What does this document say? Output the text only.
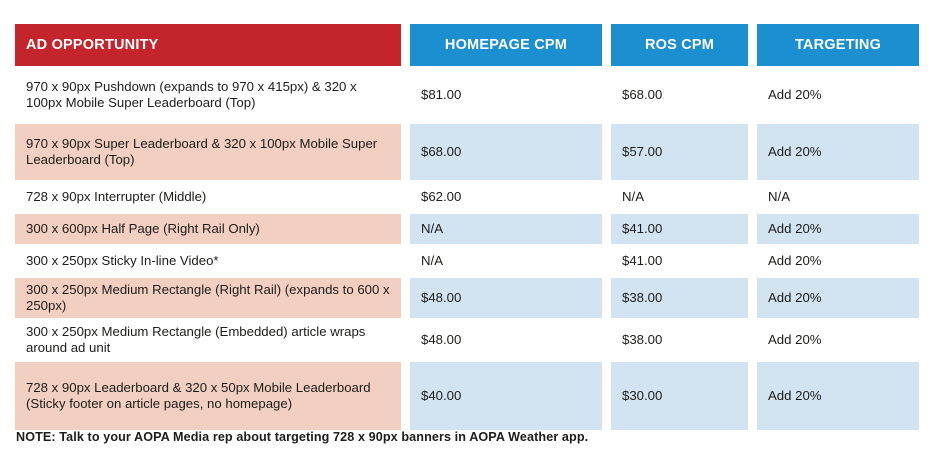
AD OPPORTUNITY	HOMEPAGE CPM	ROS CPM	TARGETING
970 x 90px Pushdown (expands to 970 x 415px) & 320 x 100px Mobile Super Leaderboard (Top)	$81.00	$68.00	Add 20%
970 x 90px Super Leaderboard & 320 x 100px Mobile Super Leaderboard (Top)	$68.00	$57.00	Add 20%
728 x 90px Interrupter (Middle)	$62.00	N/A	N/A
300 x 600px Half Page (Right Rail Only)	N/A	$41.00	Add 20%
300 x 250px Sticky In-line Video*	N/A	$41.00	Add 20%
300 x 250px Medium Rectangle (Right Rail) (expands to 600 x 250px)	$48.00	$38.00	Add 20%
300 x 250px Medium Rectangle (Embedded) article wraps around ad unit	$48.00	$38.00	Add 20%
728 x 90px Leaderboard & 320 x 50px Mobile Leaderboard (Sticky footer on article pages, no homepage)	$40.00	$30.00	Add 20%
NOTE: Talk to your AOPA Media rep about targeting 728 x 90px banners in AOPA Weather app.
